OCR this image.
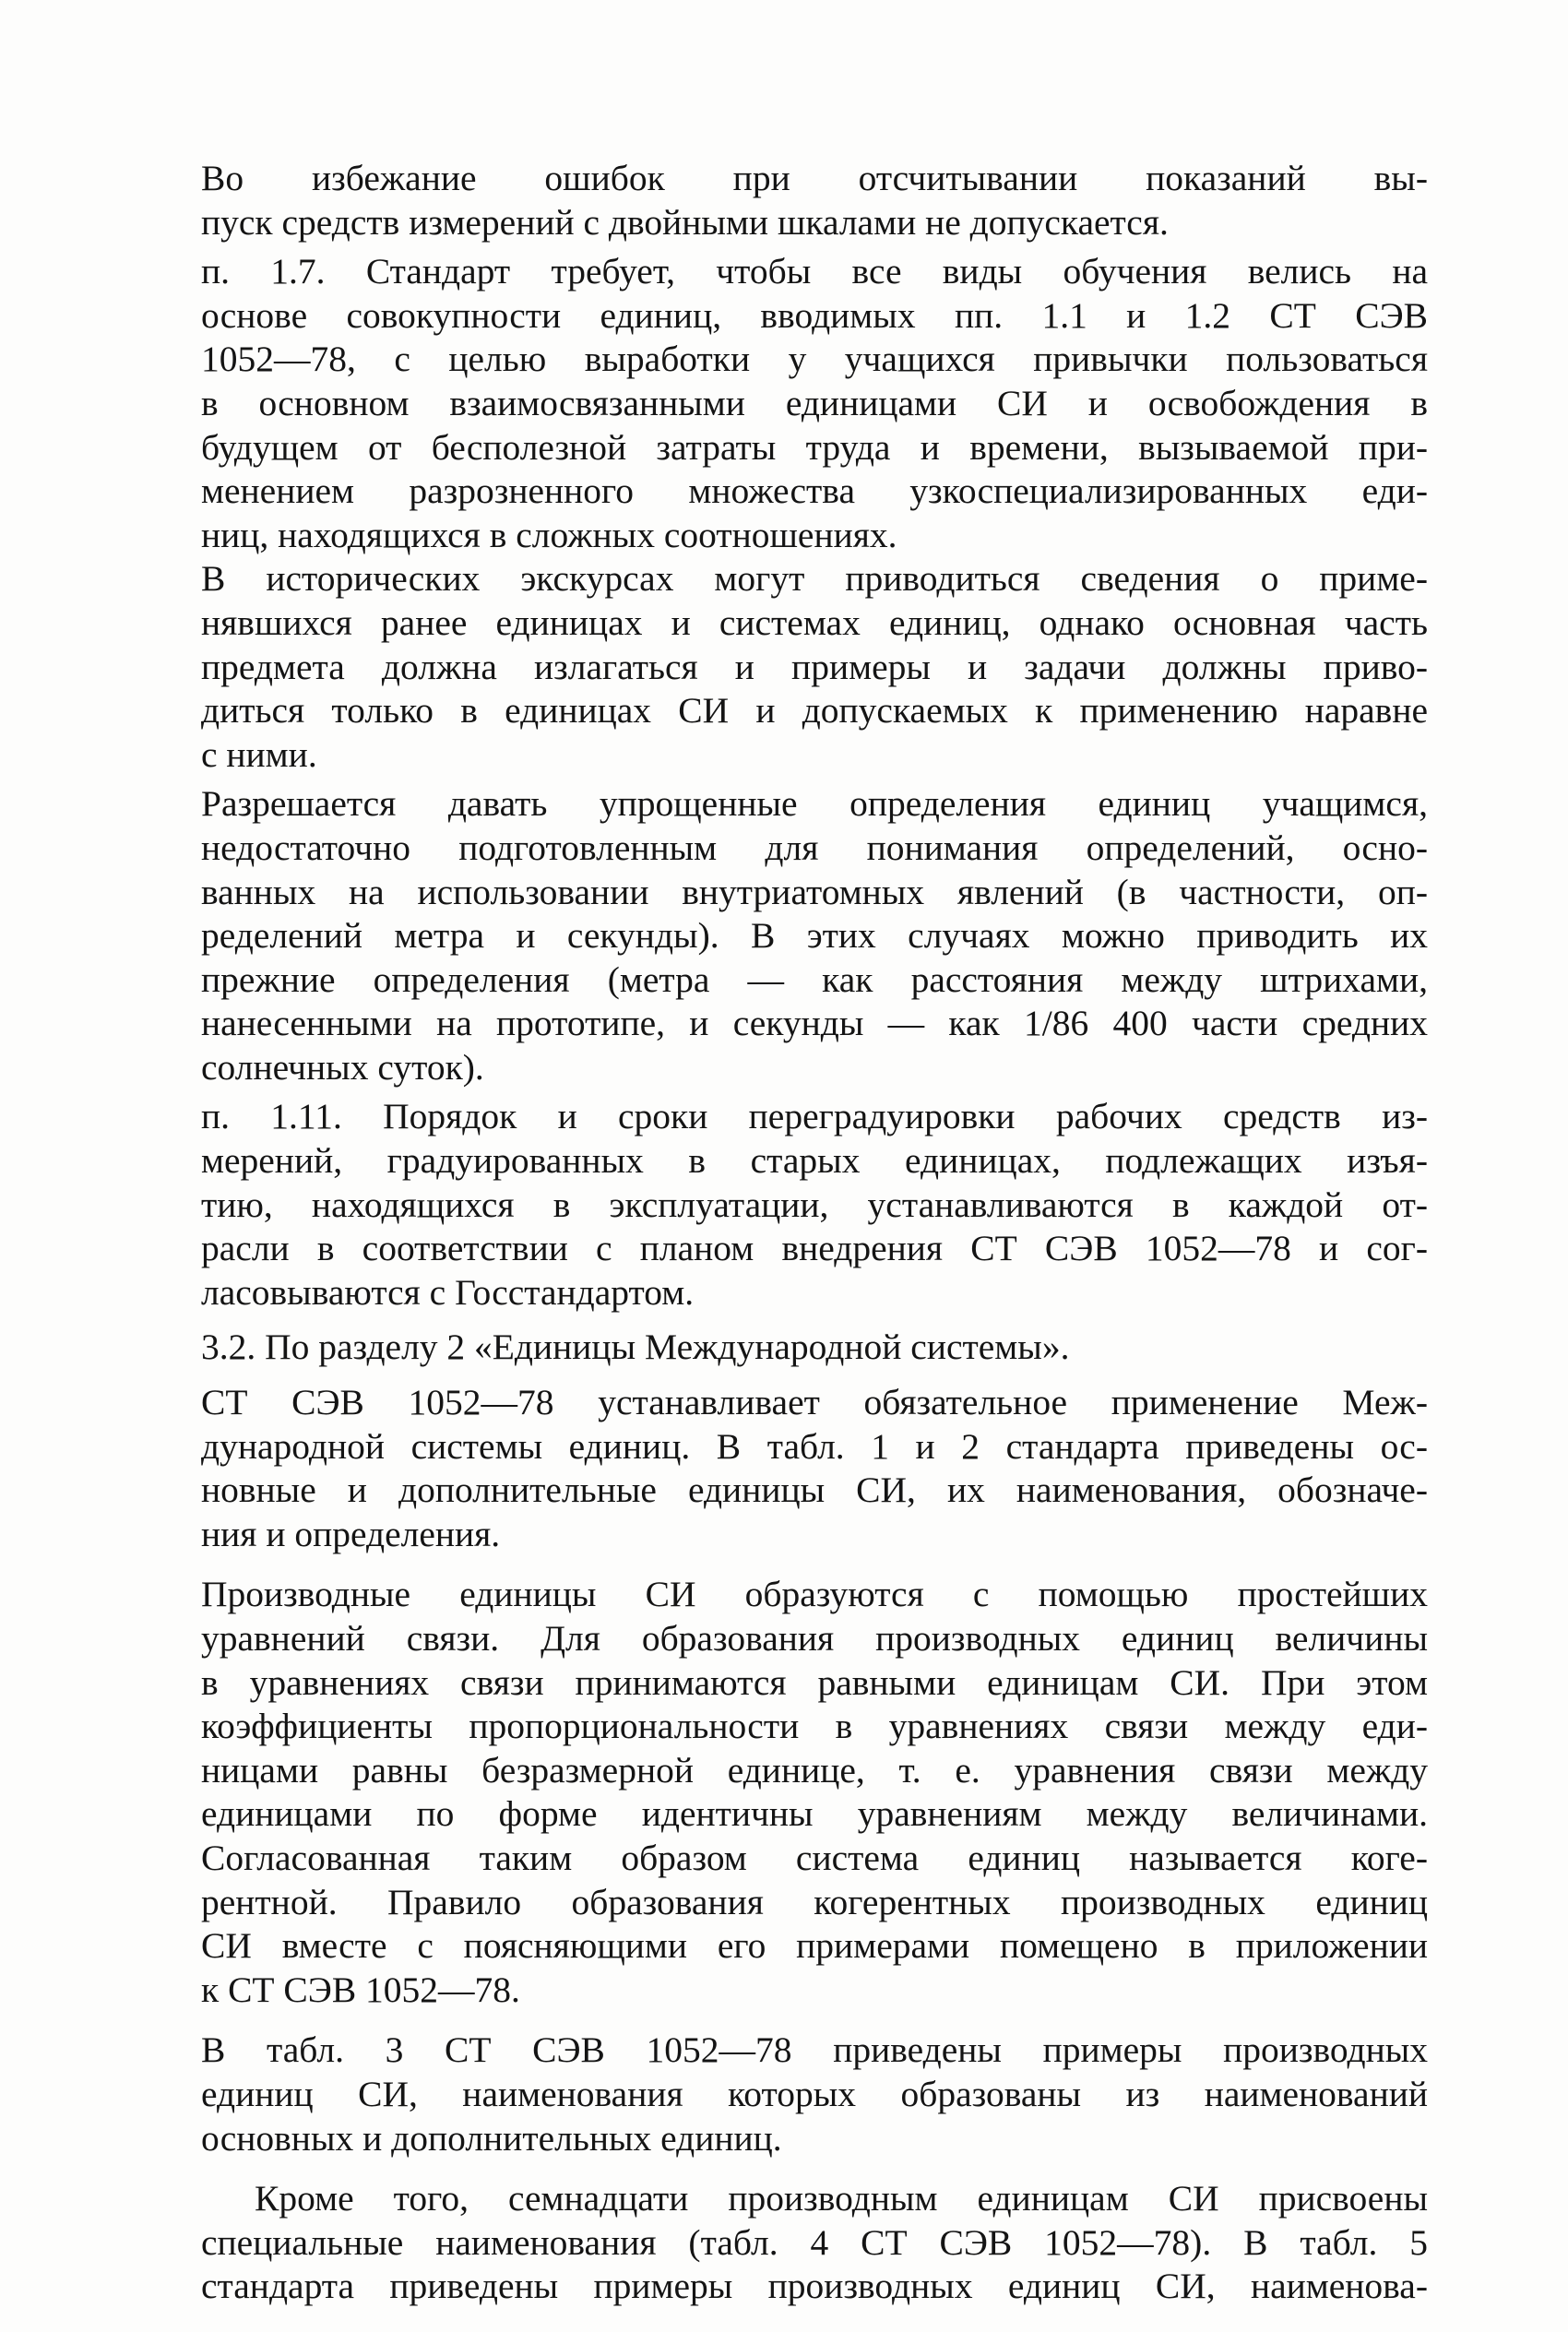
Во избежание ошибок при отсчитывании показаний вы-
пуск средств измерений с двойными шкалами не допускается.
п. 1.7. Стандарт требует, чтобы все виды обучения велись на
основе совокупности единиц, вводимых пп. 1.1 и 1.2 СТ СЭВ
1052—78, с целью выработки у учащихся привычки пользоваться
в основном взаимосвязанными единицами СИ и освобождения в
будущем от бесполезной затраты труда и времени, вызываемой при-
менением разрозненного множества узкоспециализированных еди-
ниц, находящихся в сложных соотношениях.
В исторических экскурсах могут приводиться сведения о приме-
нявшихся ранее единицах и системах единиц, однако основная часть
предмета должна излагаться и примеры и задачи должны приво-
диться только в единицах СИ и допускаемых к применению наравне
с ними.
Разрешается давать упрощенные определения единиц учащимся,
недостаточно подготовленным для понимания определений, осно-
ванных на использовании внутриатомных явлений (в частности, оп-
ределений метра и секунды). В этих случаях можно приводить их
прежние определения (метра — как расстояния между штрихами,
нанесенными на прототипе, и секунды — как 1/86 400 части средних
солнечных суток).
п. 1.11. Порядок и сроки переградуировки рабочих средств из-
мерений, градуированных в старых единицах, подлежащих изъя-
тию, находящихся в эксплуатации, устанавливаются в каждой от-
расли в соответствии с планом внедрения СТ СЭВ 1052—78 и сог-
ласовываются с Госстандартом.
3.2. По разделу 2 «Единицы Международной системы».
СТ СЭВ 1052—78 устанавливает обязательное применение Меж-
дународной системы единиц. В табл. 1 и 2 стандарта приведены ос-
новные и дополнительные единицы СИ, их наименования, обозначе-
ния и определения.
Производные единицы СИ образуются с помощью простейших
уравнений связи. Для образования производных единиц величины
в уравнениях связи принимаются равными единицам СИ. При этом
коэффициенты пропорциональности в уравнениях связи между еди-
ницами равны безразмерной единице, т. е. уравнения связи между
единицами по форме идентичны уравнениям между величинами.
Согласованная таким образом система единиц называется коге-
рентной. Правило образования когерентных производных единиц
СИ вместе с поясняющими его примерами помещено в приложении
к СТ СЭВ 1052—78.
В табл. 3 СТ СЭВ 1052—78 приведены примеры производных
единиц СИ, наименования которых образованы из наименований
основных и дополнительных единиц.
Кроме того, семнадцати производным единицам СИ присвоены
специальные наименования (табл. 4 СТ СЭВ 1052—78). В табл. 5
стандарта приведены примеры производных единиц СИ, наименова-
